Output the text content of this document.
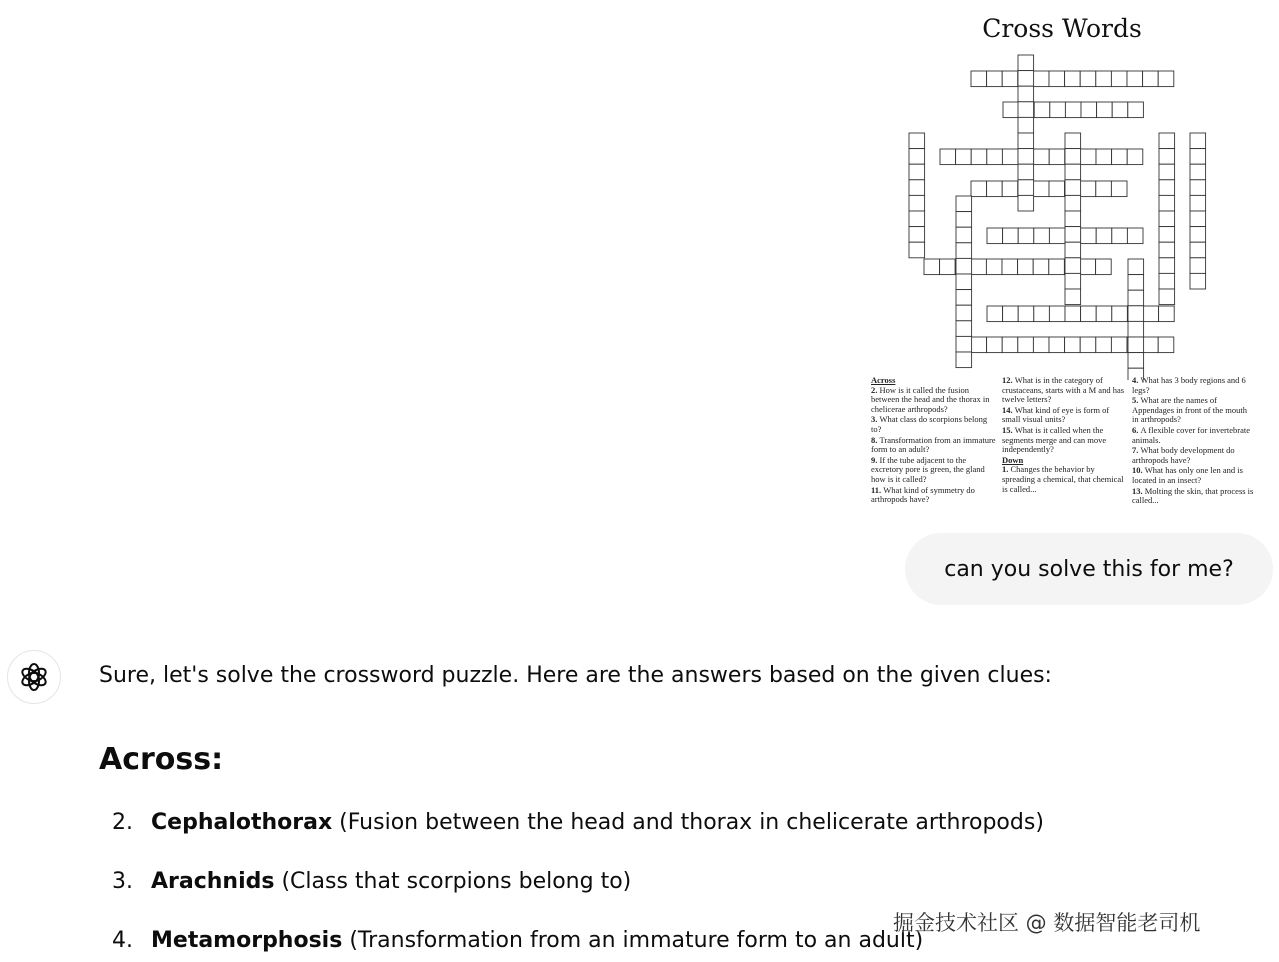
Cross Words
Across
2. How is it called the fusion between the head and the thorax in chelicerae arthropods?
3. What class do scorpions belong to?
8. Transformation from an immature form to an adult?
9. If the tube adjacent to the excretory pore is green, the gland how is it called?
11. What kind of symmetry do arthropods have?
12. What is in the category of crustaceans, starts with a M and has twelve letters?
14. What kind of eye is form of small visual units?
15. What is it called when the segments merge and can move independently?
Down
1. Changes the behavior by spreading a chemical, that chemical is called...
4. What has 3 body regions and 6 legs?
5. What are the names of Appendages in front of the mouth in arthropods?
6. A flexible cover for invertebrate animals.
7. What body development do arthropods have?
10. What has only one len and is located in an insect?
13. Molting the skin, that process is called...
can you solve this for me?
Sure, let's solve the crossword puzzle. Here are the answers based on the given clues:
Across:
2. Cephalothorax (Fusion between the head and thorax in chelicerate arthropods)
3. Arachnids (Class that scorpions belong to)
4. Metamorphosis (Transformation from an immature form to an adult)
掘金技术社区 @ 数据智能老司机
